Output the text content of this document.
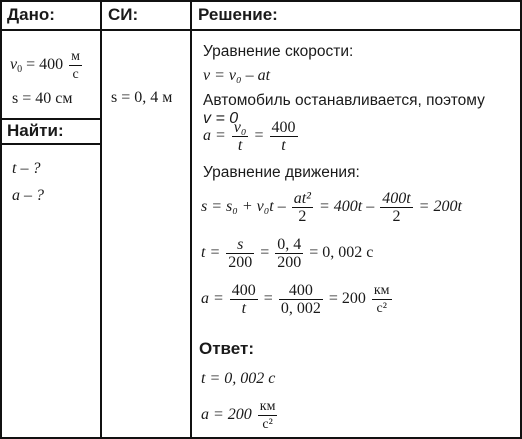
Дано:	СИ:	Решение:
Найти:
$v_0 = 400 \frac{м}{с}$
s = 40 см s = 0, 4 м
t – ?
a – ?
Уравнение скорости:
v = v₀ – at
Автомобиль останавливается, поэтому v = 0
$a = \frac{\text{v₀}}{t} = \frac{400}{t}$
Уравнение движения:
$s = s_0 + v_0t - \frac{\text{at²}}{2} = 400t - \frac{400t}{2} = 200t$
$t = \frac{s}{200} = \frac{0, 4}{200} = 0$, 002 с
$a = \frac{400}{t} = \frac{400}{0, 002} = 200 \frac{км}{\text{с²}}$
Ответ:
t = 0, 002 с
$a = 200 \frac{км}{\text{с²}}$
